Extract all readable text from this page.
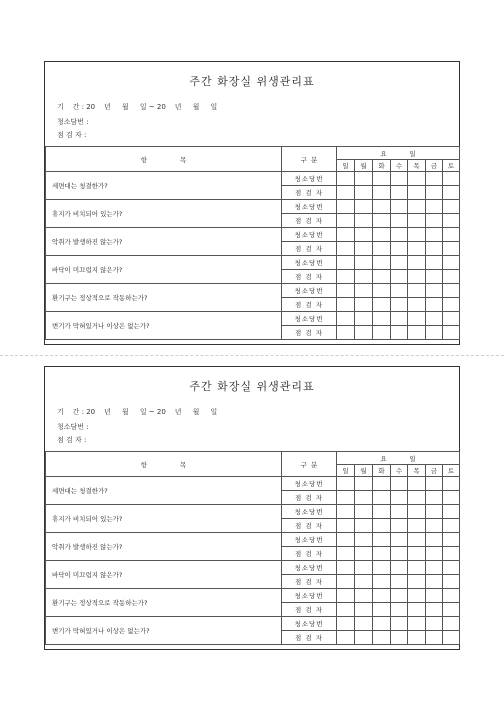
주간 화장실 위생관리표
기    간 : 20    년     월     일 ~ 20    년     월     일
청소담번 :
점 검 자 :
항                목	구  분	요           일						
		일	월	화	수	목	금	토
세면대는 청결한가?	청소당번							
	점 검 자							
휴지가 비치되어 있는가?	청소당번							
	점 검 자							
악취가 발생하진 않는가?	청소당번							
	점 검 자							
바닥이 미끄럽지 않은가?	청소당번							
	점 검 자							
환기구는 정상적으로 작동하는가?	청소당번							
	점 검 자							
변기가 막혀있거나 이상은 없는가?	청소당번							
	점 검 자							
주간 화장실 위생관리표
기    간 : 20    년     월     일 ~ 20    년     월     일
청소담번 :
점 검 자 :
항                목	구  분	요           일						
		일	월	화	수	목	금	토
세면대는 청결한가?	청소당번							
	점 검 자							
휴지가 비치되어 있는가?	청소당번							
	점 검 자							
악취가 발생하진 않는가?	청소당번							
	점 검 자							
바닥이 미끄럽지 않은가?	청소당번							
	점 검 자							
환기구는 정상적으로 작동하는가?	청소당번							
	점 검 자							
변기가 막혀있거나 이상은 없는가?	청소당번							
	점 검 자							
